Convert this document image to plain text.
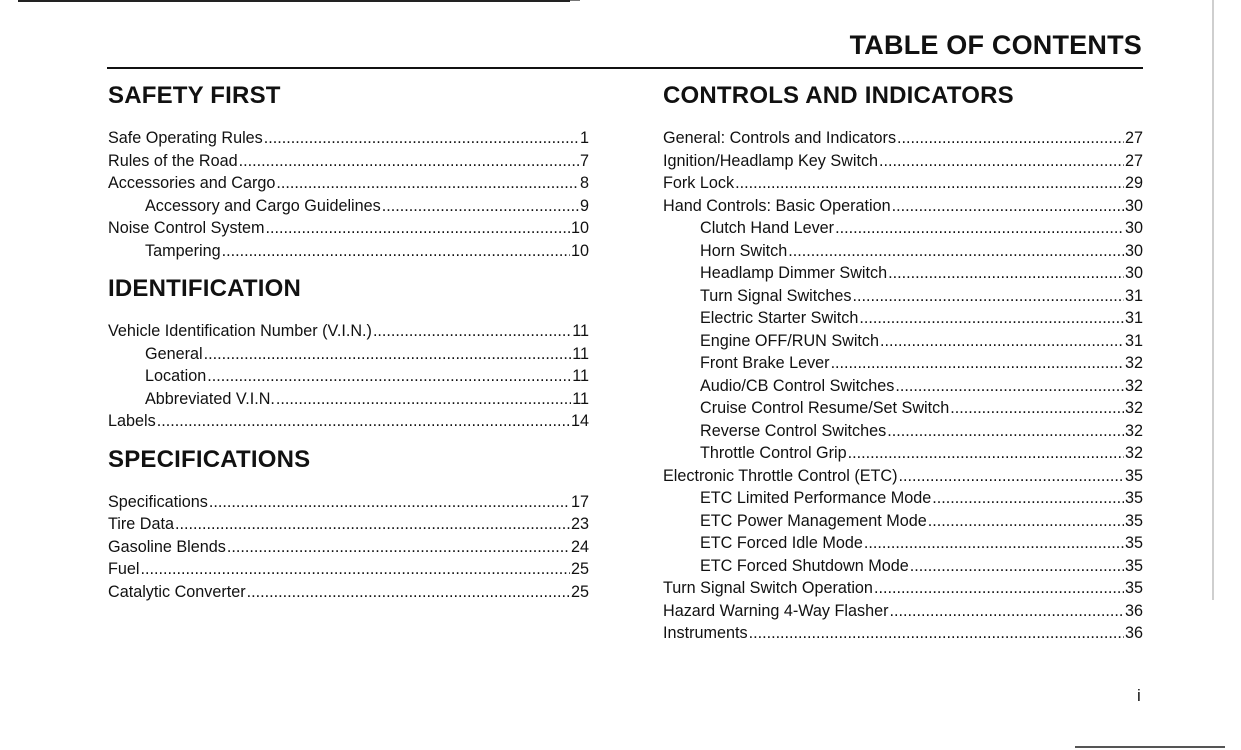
TABLE OF CONTENTS
SAFETY FIRST
Safe Operating Rules .....	1
Rules of the Road .....	7
Accessories and Cargo .....	8
Accessory and Cargo Guidelines .....	9
Noise Control System .....	10
Tampering .....	10
IDENTIFICATION
Vehicle Identification Number (V.I.N.) .....	11
General .....	11
Location .....	11
Abbreviated V.I.N. .....	11
Labels .....	14
SPECIFICATIONS
Specifications .....	17
Tire Data .....	23
Gasoline Blends .....	24
Fuel .....	25
Catalytic Converter .....	25
CONTROLS AND INDICATORS
General: Controls and Indicators .....	27
Ignition/Headlamp Key Switch .....	27
Fork Lock .....	29
Hand Controls: Basic Operation .....	30
Clutch Hand Lever .....	30
Horn Switch .....	30
Headlamp Dimmer Switch .....	30
Turn Signal Switches .....	31
Electric Starter Switch .....	31
Engine OFF/RUN Switch .....	31
Front Brake Lever .....	32
Audio/CB Control Switches .....	32
Cruise Control Resume/Set Switch .....	32
Reverse Control Switches .....	32
Throttle Control Grip .....	32
Electronic Throttle Control (ETC) .....	35
ETC Limited Performance Mode .....	35
ETC Power Management Mode .....	35
ETC Forced Idle Mode .....	35
ETC Forced Shutdown Mode .....	35
Turn Signal Switch Operation .....	35
Hazard Warning 4-Way Flasher .....	36
Instruments .....	36
i
